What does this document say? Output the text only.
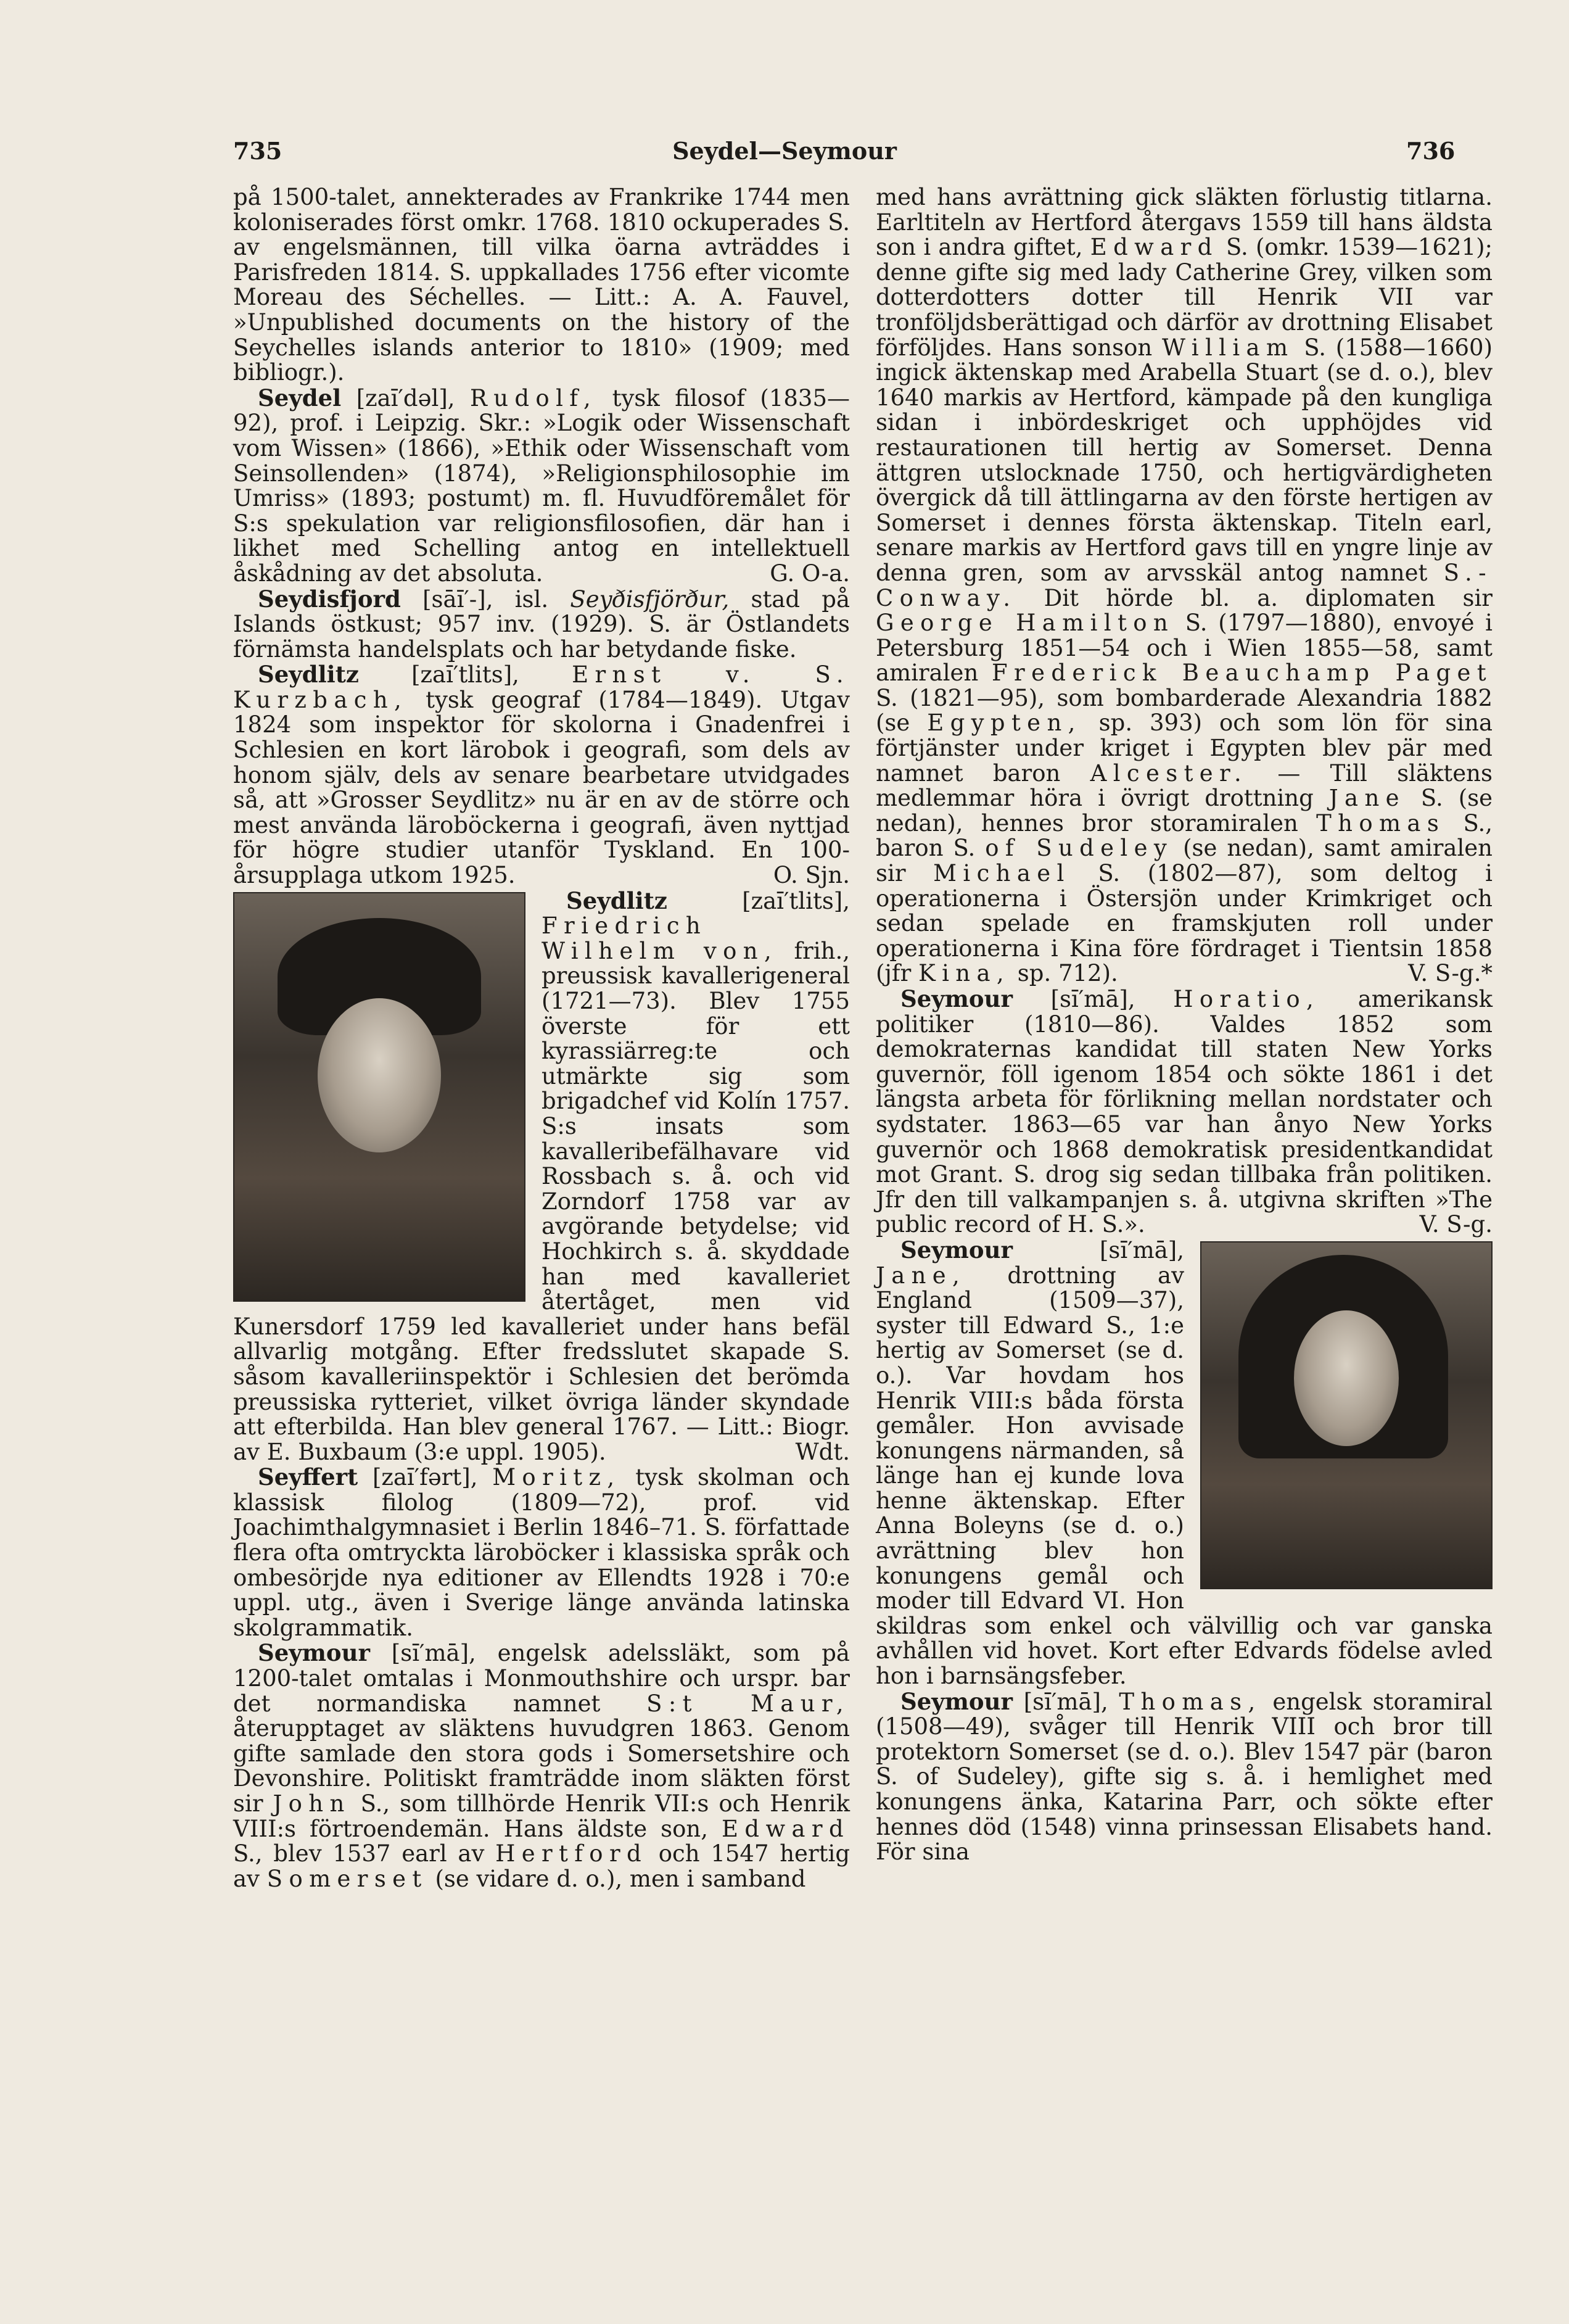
735	Seydel—Seymour	736

på 1500-talet, annekterades av Frankrike 1744 men koloniserades först omkr. 1768. 1810 ockuperades S. av engelsmännen, till vilka öarna avträddes i Parisfreden 1814. S. uppkallades 1756 efter vicomte Moreau des Séchelles. — Litt.: A. A. Fauvel, »Unpublished documents on the history of the Seychelles islands anterior to 1810» (1909; med bibliogr.).

Seydel [zaı̄′dəl], Rudolf, tysk filosof (1835—92), prof. i Leipzig. Skr.: »Logik oder Wissenschaft vom Wissen» (1866), »Ethik oder Wissenschaft vom Seinsollenden» (1874), »Religionsphilosophie im Umriss» (1893; postumt) m. fl. Huvudföremålet för S:s spekulation var religionsfilosofien, där han i likhet med Schelling antog en intellektuell åskådning av det absoluta.	G. O-a.

Seydisfjord [sāı̄′-], isl. Seyðisfjörður, stad på Islands östkust; 957 inv. (1929). S. är Östlandets förnämsta handelsplats och har betydande fiske.

Seydlitz [zaı̄′tlits], Ernst v. S. Kurzbach, tysk geograf (1784—1849). Utgav 1824 som inspektor för skolorna i Gnadenfrei i Schlesien en kort lärobok i geografi, som dels av honom själv, dels av senare bearbetare utvidgades så, att »Grosser Seydlitz» nu är en av de större och mest använda läroböckerna i geografi, även nyttjad för högre studier utanför Tyskland. En 100-årsupplaga utkom 1925.	O. Sjn.

Seydlitz	[zaı̄′tlits], Friedrich Wilhelm von, frih., preussisk kavallerigeneral (1721—73). Blev 1755 överste för ett kyrassiärreg:te och utmärkte sig som brigadchef vid Kolín 1757. S:s insats som kavalleribefälhavare vid Rossbach s. å. och vid Zorndorf 1758 var av avgörande betydelse; vid Hochkirch s. å. skyddade han med kavalleriet återtåget, men vid Kunersdorf 1759 led kavalleriet under hans befäl allvarlig motgång. Efter fredsslutet skapade S. såsom kavalleriinspektör i Schlesien det berömda preussiska rytteriet, vilket övriga länder skyndade att efterbilda. Han blev general 1767. — Litt.: Biogr. av E. Buxbaum (3:e uppl. 1905).	Wdt.

Seyffert [zaı̄′fərt], Moritz, tysk skolman och klassisk filolog (1809—72), prof. vid Joachimthalgymnasiet i Berlin 1846–71. S. författade flera ofta omtryckta läroböcker i klassiska språk och ombesörjde nya editioner av Ellendts 1928 i 70:e uppl. utg., även i Sverige länge använda latinska skolgrammatik.

Seymour [sı̄′mā], engelsk adelssläkt, som på 1200-talet omtalas i Monmouthshire och urspr. bar det normandiska namnet S:t Maur, återupptaget av släktens huvudgren 1863. Genom gifte samlade den stora gods i Somersetshire och Devonshire. Politiskt framträdde inom släkten först sir John S., som tillhörde Henrik VII:s och Henrik VIII:s förtroendemän. Hans äldste son, Edward S., blev 1537 earl av Hertford och 1547 hertig av Somerset (se vidare d. o.), men i samband

med hans avrättning gick släkten förlustig titlarna. Earltiteln av Hertford återgavs 1559 till hans äldsta son i andra giftet, Edward S. (omkr. 1539—1621); denne gifte sig med lady Catherine Grey, vilken som dotterdotters dotter till Henrik VII var tronföljdsberättigad och därför av drottning Elisabet förföljdes. Hans sonson William S. (1588—1660) ingick äktenskap med Arabella Stuart (se d. o.), blev 1640 markis av Hertford, kämpade på den kungliga sidan i inbördeskriget och upphöjdes vid restaurationen till hertig av Somerset. Denna ättgren utslocknade 1750, och hertigvärdigheten övergick då till ättlingarna av den förste hertigen av Somerset i dennes första äktenskap. Titeln earl, senare markis av Hertford gavs till en yngre linje av denna gren, som av arvsskäl antog namnet S.-Conway. Dit hörde bl. a. diplomaten sir George Hamilton S. (1797—1880), envoyé i Petersburg 1851—54 och i Wien 1855—58, samt amiralen Frederick Beauchamp Paget S. (1821—95), som bombarderade Alexandria 1882 (se Egypten, sp. 393) och som lön för sina förtjänster under kriget i Egypten blev pär med namnet baron Alcester. — Till släktens medlemmar höra i övrigt drottning Jane S. (se nedan), hennes bror storamiralen Thomas S., baron S. of Sudeley (se nedan), samt amiralen sir Michael S. (1802—87), som deltog i operationerna i Östersjön under Krimkriget och sedan spelade en framskjuten roll under operationerna i Kina före fördraget i Tientsin 1858 (jfr Kina, sp. 712).	V. S-g.*

Seymour [sı̄′mā], Horatio, amerikansk politiker (1810—86). Valdes 1852 som demokraternas kandidat till staten New Yorks guvernör, föll igenom 1854 och sökte 1861 i det längsta arbeta för förlikning mellan nordstater och sydstater. 1863—65 var han ånyo New Yorks guvernör och 1868 demokratisk presidentkandidat mot Grant. S. drog sig sedan tillbaka från politiken. Jfr den till valkampanjen s. å. utgivna skriften »The public record of H. S.».	V. S-g.

Seymour	[sı̄′mā], Jane, drottning av England (1509—37), syster till Edward S., 1:e hertig av Somerset (se d. o.). Var hovdam hos Henrik VIII:s båda första gemåler. Hon avvisade konungens närmanden, så länge han ej kunde lova henne äktenskap. Efter Anna Boleyns (se d. o.) avrättning blev hon konungens gemål och moder till Edvard VI. Hon skildras som enkel och välvillig och var ganska avhållen vid hovet. Kort efter Edvards födelse avled hon i barnsängsfeber.

Seymour [sı̄′mā], Thomas, engelsk storamiral (1508—49), svåger till Henrik VIII och bror till protektorn Somerset (se d. o.). Blev 1547 pär (baron S. of Sudeley), gifte sig s. å. i hemlighet med konungens änka, Katarina Parr, och sökte efter hennes död (1548) vinna prinsessan Elisabets hand. För sina
